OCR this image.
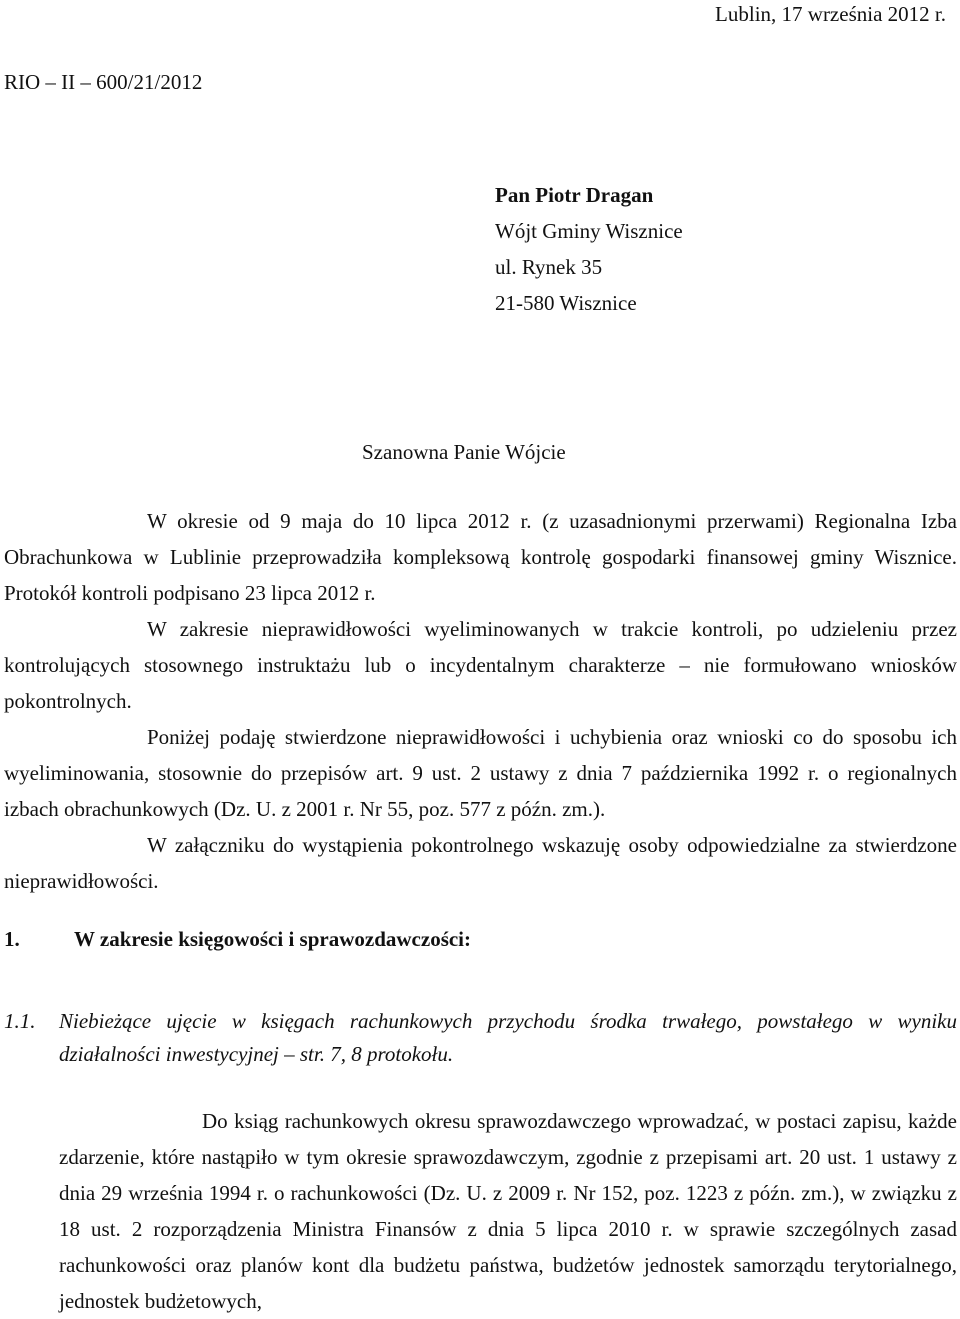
Lublin, 17 września 2012 r.
RIO – II – 600/21/2012
Pan Piotr Dragan
Wójt Gminy Wisznice
ul. Rynek 35
21-580 Wisznice
Szanowna Panie Wójcie
W okresie od 9 maja do 10 lipca 2012 r. (z uzasadnionymi przerwami) Regionalna Izba Obrachunkowa w Lublinie przeprowadziła kompleksową kontrolę gospodarki finansowej gminy Wisznice. Protokół kontroli podpisano 23 lipca 2012 r.
W zakresie nieprawidłowości wyeliminowanych w trakcie kontroli, po udzieleniu przez kontrolujących stosownego instruktażu lub o incydentalnym charakterze – nie formułowano wniosków pokontrolnych.
Poniżej podaję stwierdzone nieprawidłowości i uchybienia oraz wnioski co do sposobu ich wyeliminowania, stosownie do przepisów art. 9 ust. 2 ustawy z dnia 7 października 1992 r. o regionalnych izbach obrachunkowych (Dz. U. z 2001 r. Nr 55, poz. 577 z późn. zm.).
W załączniku do wystąpienia pokontrolnego wskazuję osoby odpowiedzialne za stwierdzone nieprawidłowości.
1.	W zakresie księgowości i sprawozdawczości:
1.1. Niebieżące ujęcie w księgach rachunkowych przychodu środka trwałego, powstałego w wyniku działalności inwestycyjnej – str. 7, 8 protokołu.
Do ksiąg rachunkowych okresu sprawozdawczego wprowadzać, w postaci zapisu, każde zdarzenie, które nastąpiło w tym okresie sprawozdawczym, zgodnie z przepisami art. 20 ust. 1 ustawy z dnia 29 września 1994 r. o rachunkowości (Dz. U. z 2009 r. Nr 152, poz. 1223 z późn. zm.), w związku z 18 ust. 2 rozporządzenia Ministra Finansów z dnia 5 lipca 2010 r. w sprawie szczególnych zasad rachunkowości oraz planów kont dla budżetu państwa, budżetów jednostek samorządu terytorialnego, jednostek budżetowych,
